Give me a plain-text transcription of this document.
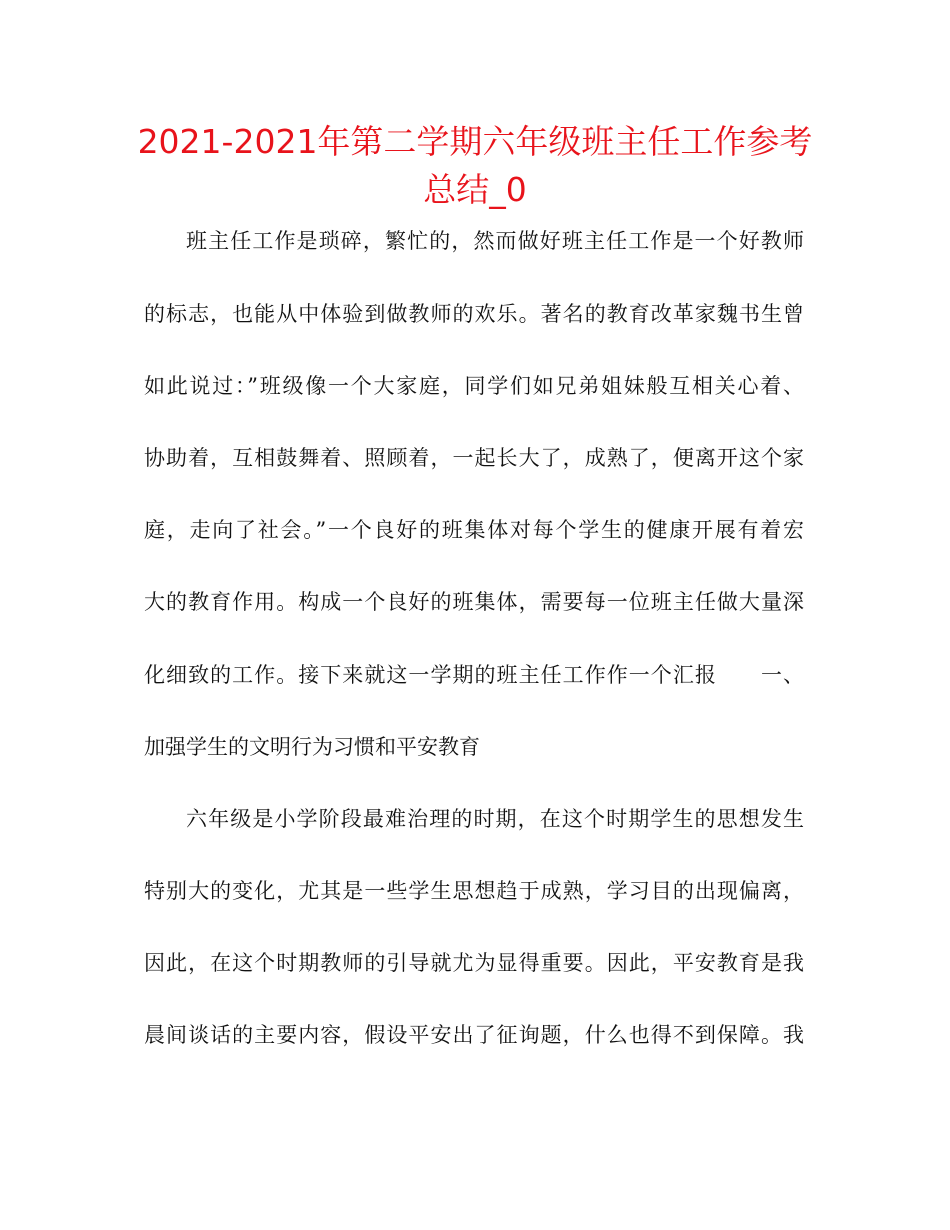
2021-2021年第二学期六年级班主任工作参考
总结_0
班主任工作是琐碎，繁忙的，然而做好班主任工作是一个好教师
的标志，也能从中体验到做教师的欢乐。著名的教育改革家魏书生曾
如此说过：”班级像一个大家庭，同学们如兄弟姐妹般互相关心着、
协助着，互相鼓舞着、照顾着，一起长大了，成熟了，便离开这个家
庭，走向了社会。”一个良好的班集体对每个学生的健康开展有着宏
大的教育作用。构成一个良好的班集体，需要每一位班主任做大量深
化细致的工作。接下来就这一学期的班主任工作作一个汇报　　一、
加强学生的文明行为习惯和平安教育
六年级是小学阶段最难治理的时期，在这个时期学生的思想发生
特别大的变化，尤其是一些学生思想趋于成熟，学习目的出现偏离，
因此，在这个时期教师的引导就尤为显得重要。因此，平安教育是我
晨间谈话的主要内容，假设平安出了征询题，什么也得不到保障。我
